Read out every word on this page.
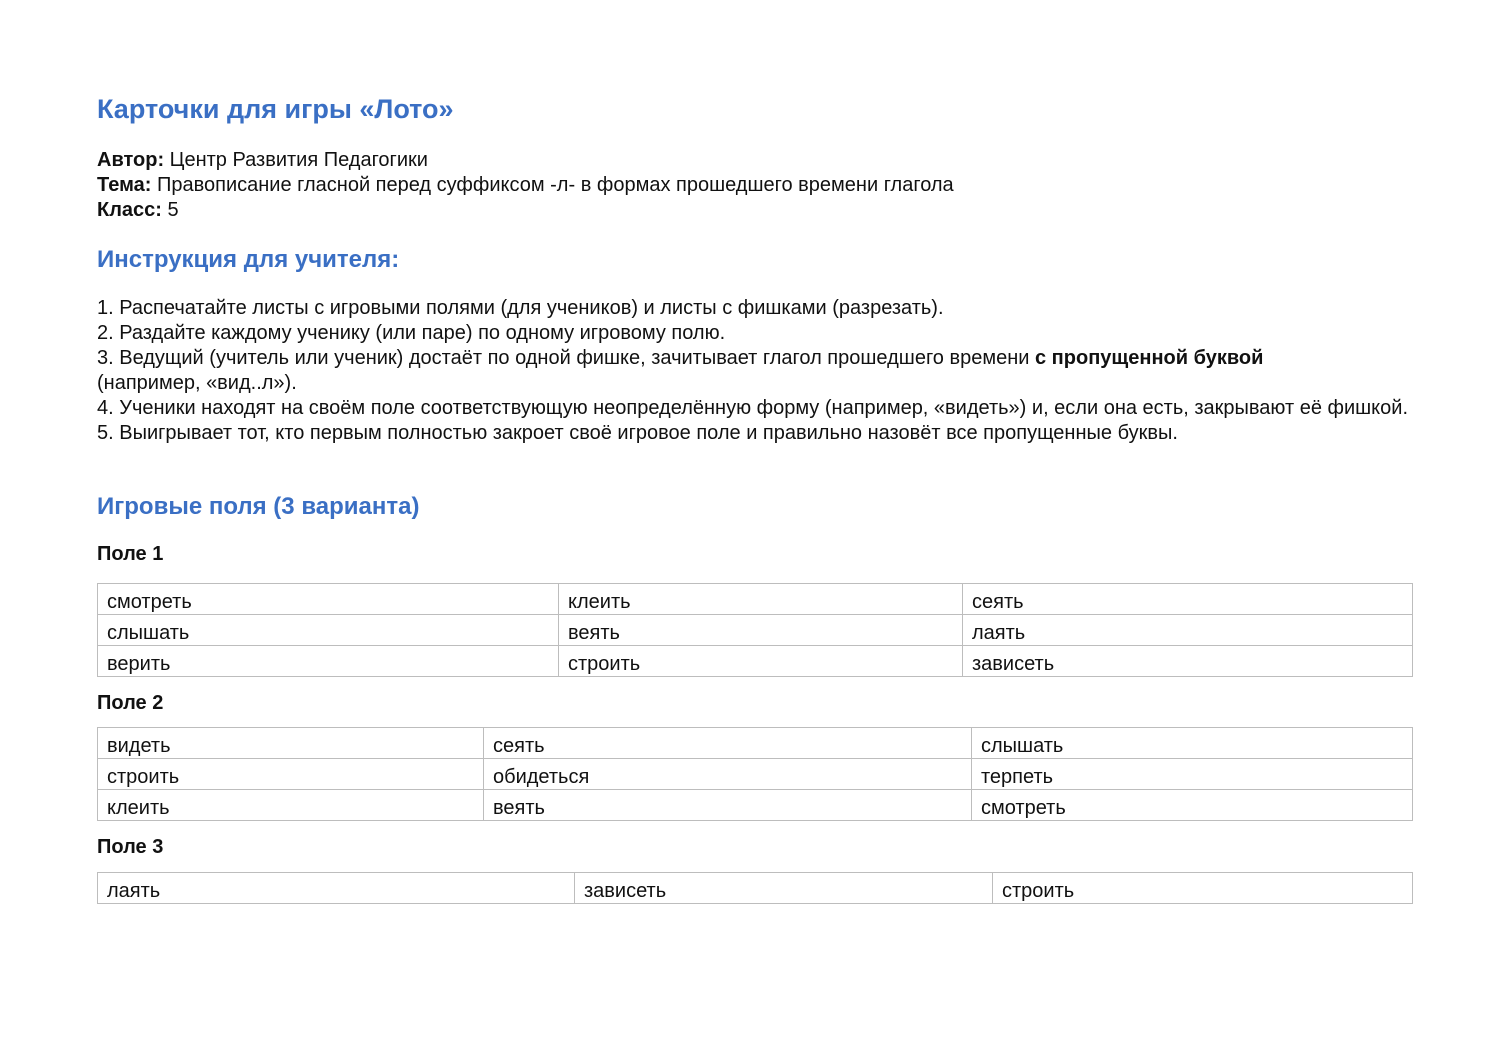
Карточки для игры «Лото»
Автор: Центр Развития Педагогики
Тема: Правописание гласной перед суффиксом -л- в формах прошедшего времени глагола
Класс: 5
Инструкция для учителя:

1. Распечатайте листы с игровыми полями (для учеников) и листы с фишками (разрезать).

2. Раздайте каждому ученику (или паре) по одному игровому полю.

3. Ведущий (учитель или ученик) достаёт по одной фишке, зачитывает глагол прошедшего времени с пропущенной буквой
(например, «вид..л»).

4. Ученики находят на своём поле соответствующую неопределённую форму (например, «видеть») и, если она есть, закрывают её фишкой.

5. Выигрывает тот, кто первым полностью закроет своё игровое поле и правильно назовёт все пропущенные буквы.

Игровые поля (3 варианта)
Поле 1
смотреть	клеить	сеять
слышать	веять	лаять
верить	строить	зависеть
Поле 2
видеть	сеять	слышать
строить	обидеться	терпеть
клеить	веять	смотреть
Поле 3
лаять	зависеть	строить
